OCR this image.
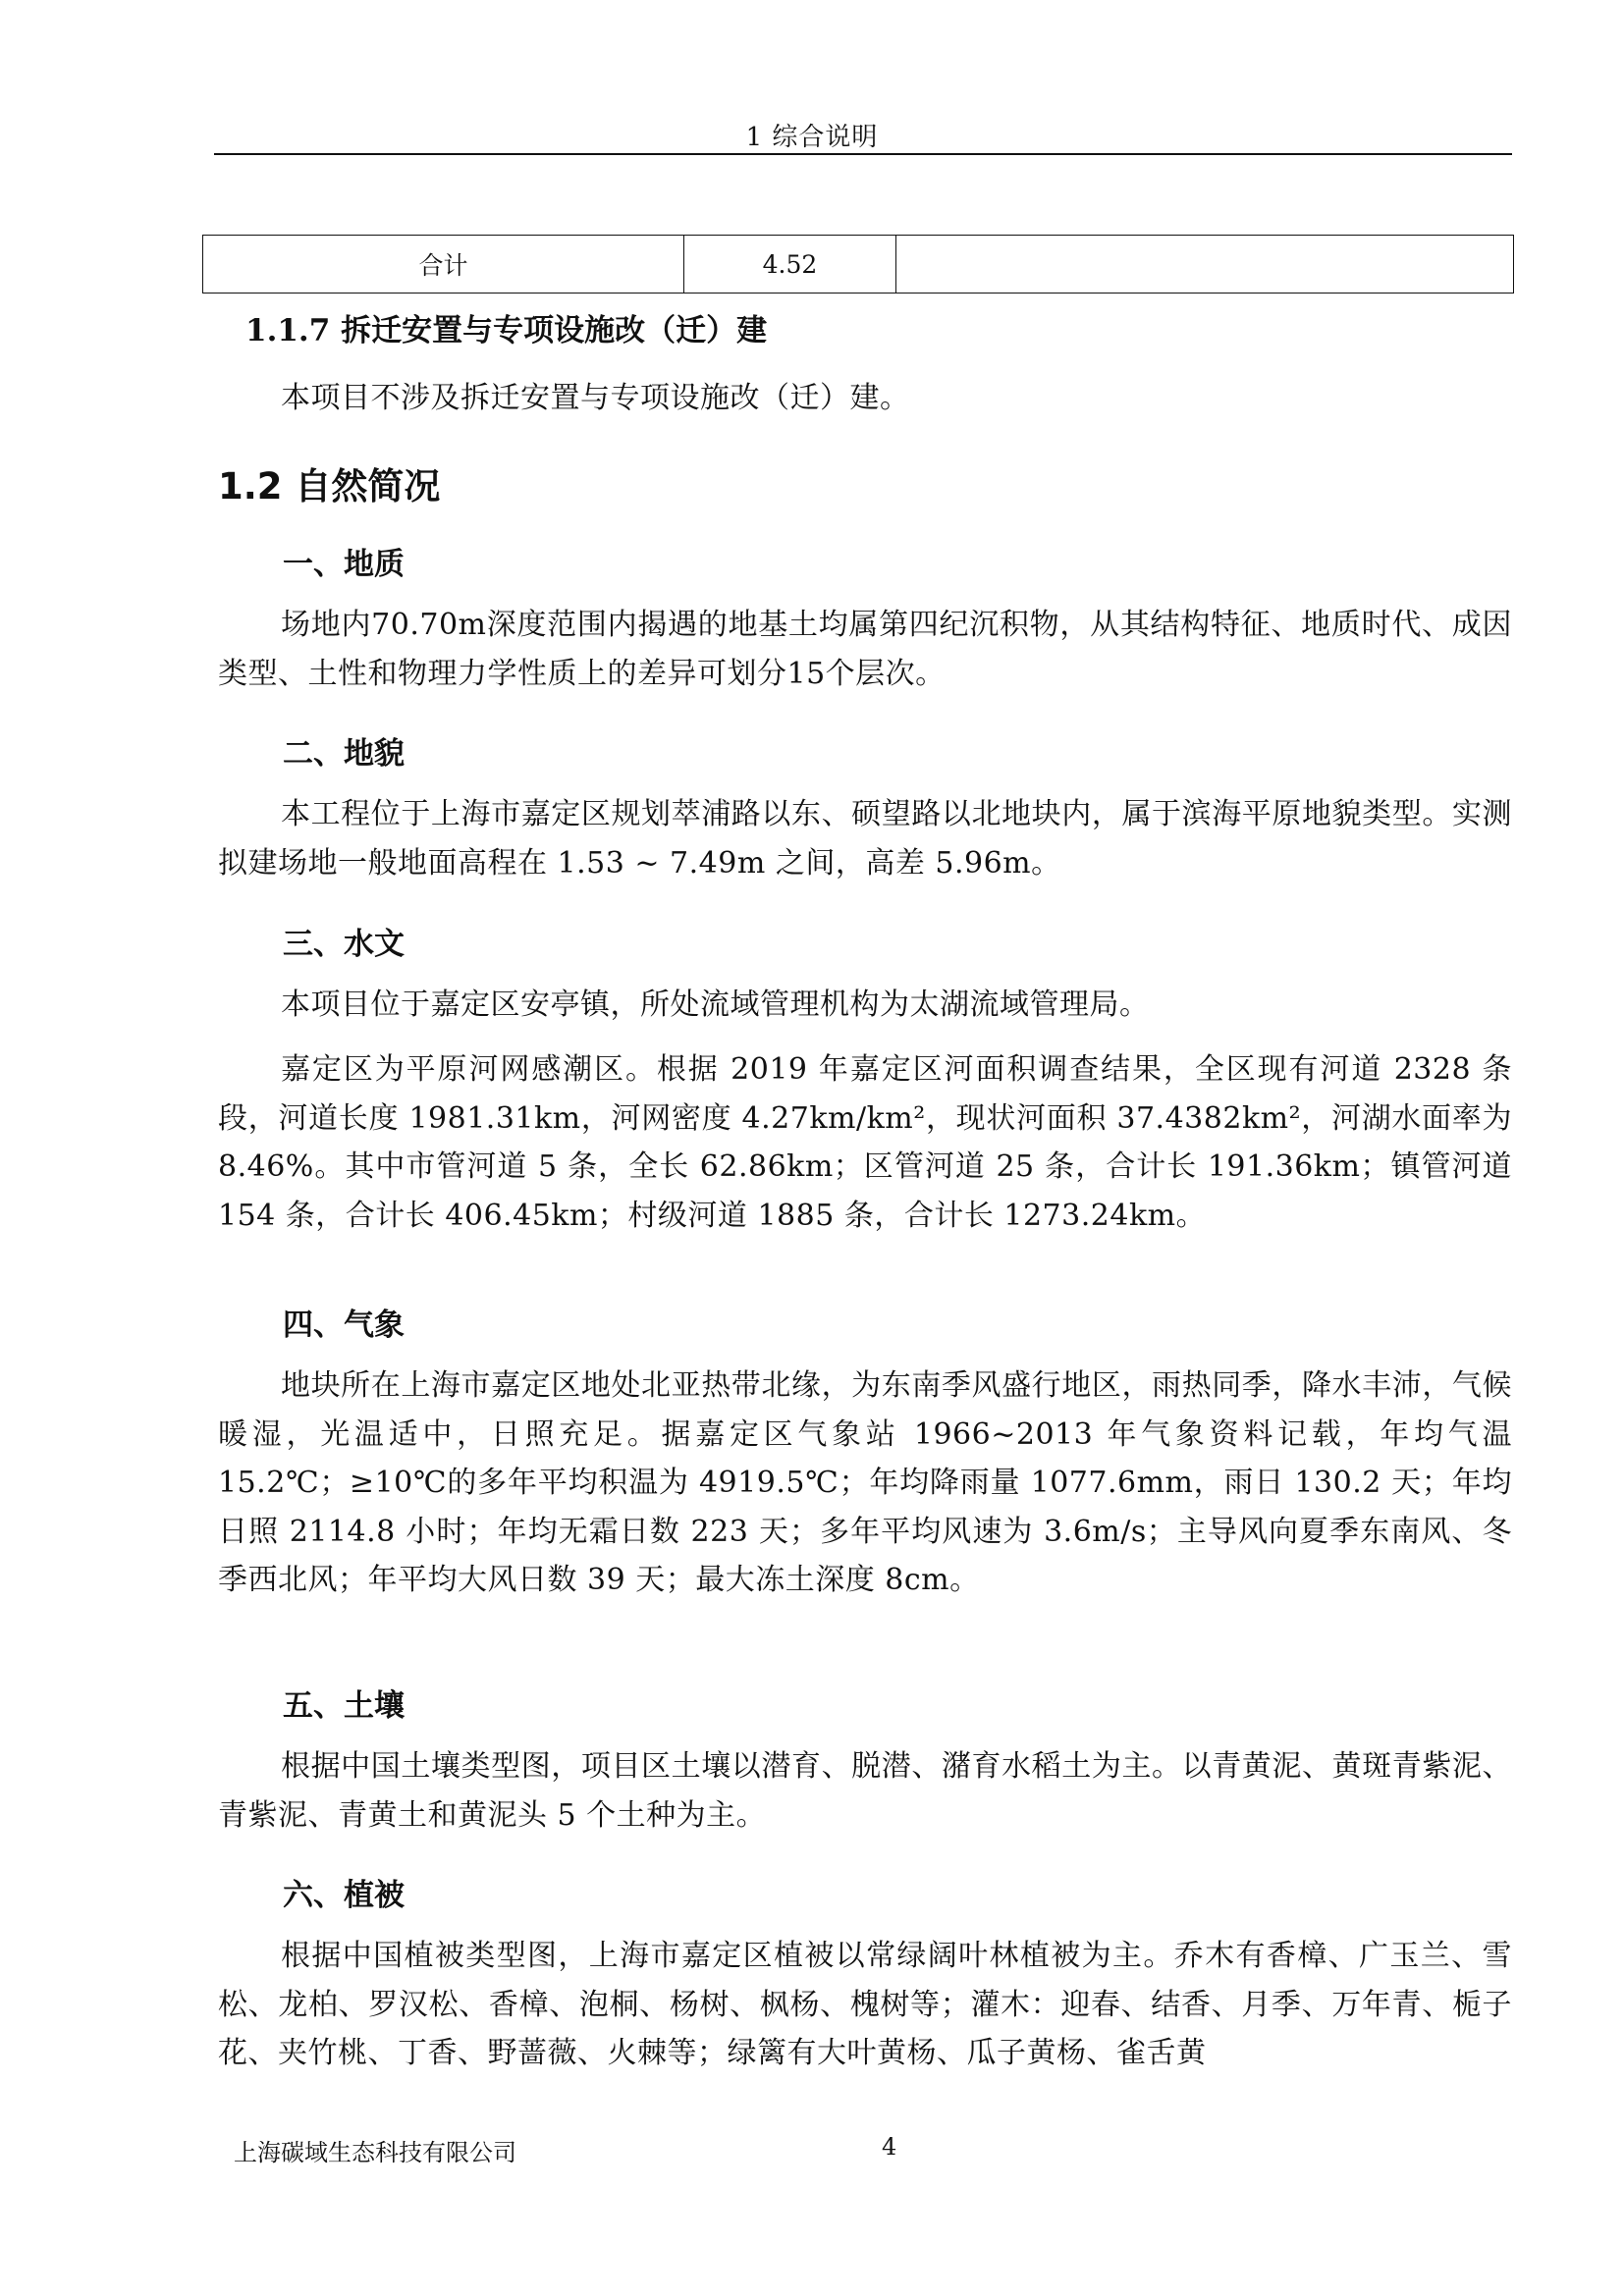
1 综合说明
合计	4.52	
1.1.7 拆迁安置与专项设施改（迁）建
本项目不涉及拆迁安置与专项设施改（迁）建。
1.2 自然简况
一、地质
场地内70.70m深度范围内揭遇的地基土均属第四纪沉积物，从其结构特征、地质时代、成因类型、土性和物理力学性质上的差异可划分15个层次。
二、地貌
本工程位于上海市嘉定区规划萃浦路以东、硕望路以北地块内，属于滨海平原地貌类型。实测拟建场地一般地面高程在 1.53 ~ 7.49m 之间，高差 5.96m。
三、水文
本项目位于嘉定区安亭镇，所处流域管理机构为太湖流域管理局。
嘉定区为平原河网感潮区。根据 2019 年嘉定区河面积调查结果，全区现有河道 2328 条段，河道长度 1981.31km，河网密度 4.27km/km²，现状河面积 37.4382km²，河湖水面率为 8.46%。其中市管河道 5 条，全长 62.86km；区管河道 25 条，合计长 191.36km；镇管河道 154 条，合计长 406.45km；村级河道 1885 条，合计长 1273.24km。
四、气象
地块所在上海市嘉定区地处北亚热带北缘，为东南季风盛行地区，雨热同季，降水丰沛，气候暖湿，光温适中，日照充足。据嘉定区气象站 1966~2013 年气象资料记载，年均气温 15.2℃；≥10℃的多年平均积温为 4919.5℃；年均降雨量 1077.6mm，雨日 130.2 天；年均日照 2114.8 小时；年均无霜日数 223 天；多年平均风速为 3.6m/s；主导风向夏季东南风、冬季西北风；年平均大风日数 39 天；最大冻土深度 8cm。
五、土壤
根据中国土壤类型图，项目区土壤以潜育、脱潜、潴育水稻土为主。以青黄泥、黄斑青紫泥、青紫泥、青黄土和黄泥头 5 个土种为主。
六、植被
根据中国植被类型图，上海市嘉定区植被以常绿阔叶林植被为主。乔木有香樟、广玉兰、雪松、龙柏、罗汉松、香樟、泡桐、杨树、枫杨、槐树等；灌木：迎春、结香、月季、万年青、栀子花、夹竹桃、丁香、野蔷薇、火棘等；绿篱有大叶黄杨、瓜子黄杨、雀舌黄
上海碳域生态科技有限公司	4
